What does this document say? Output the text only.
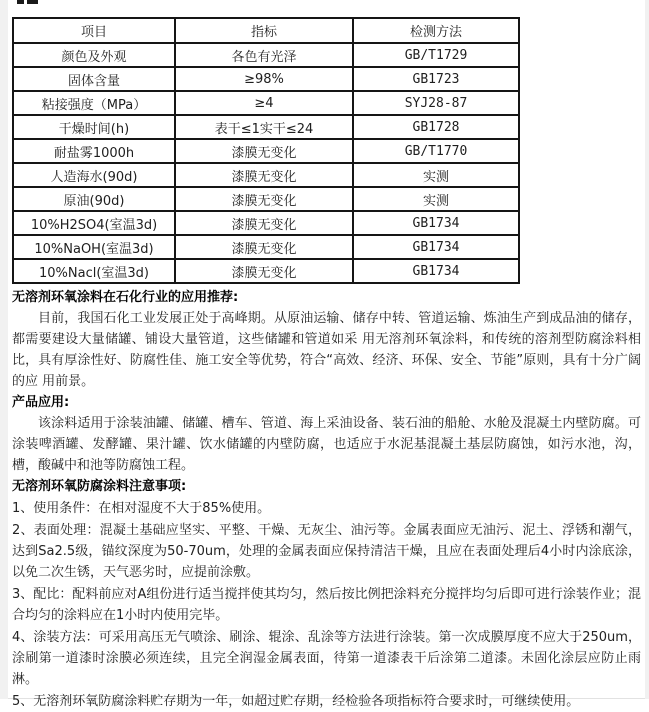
项目	指标	检测方法
颜色及外观	各色有光泽	GB/T1729
固体含量	≥98%	GB1723
粘接强度（MPa）	≥4	SYJ28-87
干燥时间(h)	表干≤1实干≤24	GB1728
耐盐雾1000h	漆膜无变化	GB/T1770
人造海水(90d)	漆膜无变化	实测
原油(90d)	漆膜无变化	实测
10%H2SO4(室温3d)	漆膜无变化	GB1734
10%NaOH(室温3d)	漆膜无变化	GB1734
10%Nacl(室温3d)	漆膜无变化	GB1734
无溶剂环氧涂料在石化行业的应用推荐:

目前，我国石化工业发展正处于高峰期。从原油运输、储存中转、管道运输、炼油生产到成品油的储存，都需要建设大量储罐、铺设大量管道，这些储罐和管道如采 用无溶剂环氧涂料，和传统的溶剂型防腐涂料相比，具有厚涂性好、防腐性佳、施工安全等优势，符合“高效、经济、环保、安全、节能”原则，具有十分广阔的应 用前景。

产品应用:

该涂料适用于涂装油罐、储罐、槽车、管道、海上采油设备、装石油的船舱、水舱及混凝土内壁防腐。可涂装啤酒罐、发酵罐、果汁罐、饮水储罐的内壁防腐，也适应于水泥基混凝土基层防腐蚀，如污水池，沟，槽，酸碱中和池等防腐蚀工程。

无溶剂环氧防腐涂料注意事项:

1、使用条件：在相对湿度不大于85%使用。

2、表面处理：混凝土基础应坚实、平整、干燥、无灰尘、油污等。金属表面应无油污、泥土、浮锈和潮气，达到Sa2.5级，锚纹深度为50-70um，处理的金属表面应保持清洁干燥，且应在表面处理后4小时内涂底涂，以免二次生锈，天气恶劣时，应提前涂敷。

3、配比：配料前应对A组份进行适当搅拌使其均匀，然后按比例把涂料充分搅拌均匀后即可进行涂装作业；混合均匀的涂料应在1小时内使用完毕。

4、涂装方法：可采用高压无气喷涂、刷涂、辊涂、乱涂等方法进行涂装。第一次成膜厚度不应大于250um，涂刷第一道漆时涂膜必须连续，且完全润湿金属表面，待第一道漆表干后涂第二道漆。未固化涂层应防止雨淋。

5、无溶剂环氧防腐涂料贮存期为一年，如超过贮存期，经检验各项指标符合要求时，可继续使用。
